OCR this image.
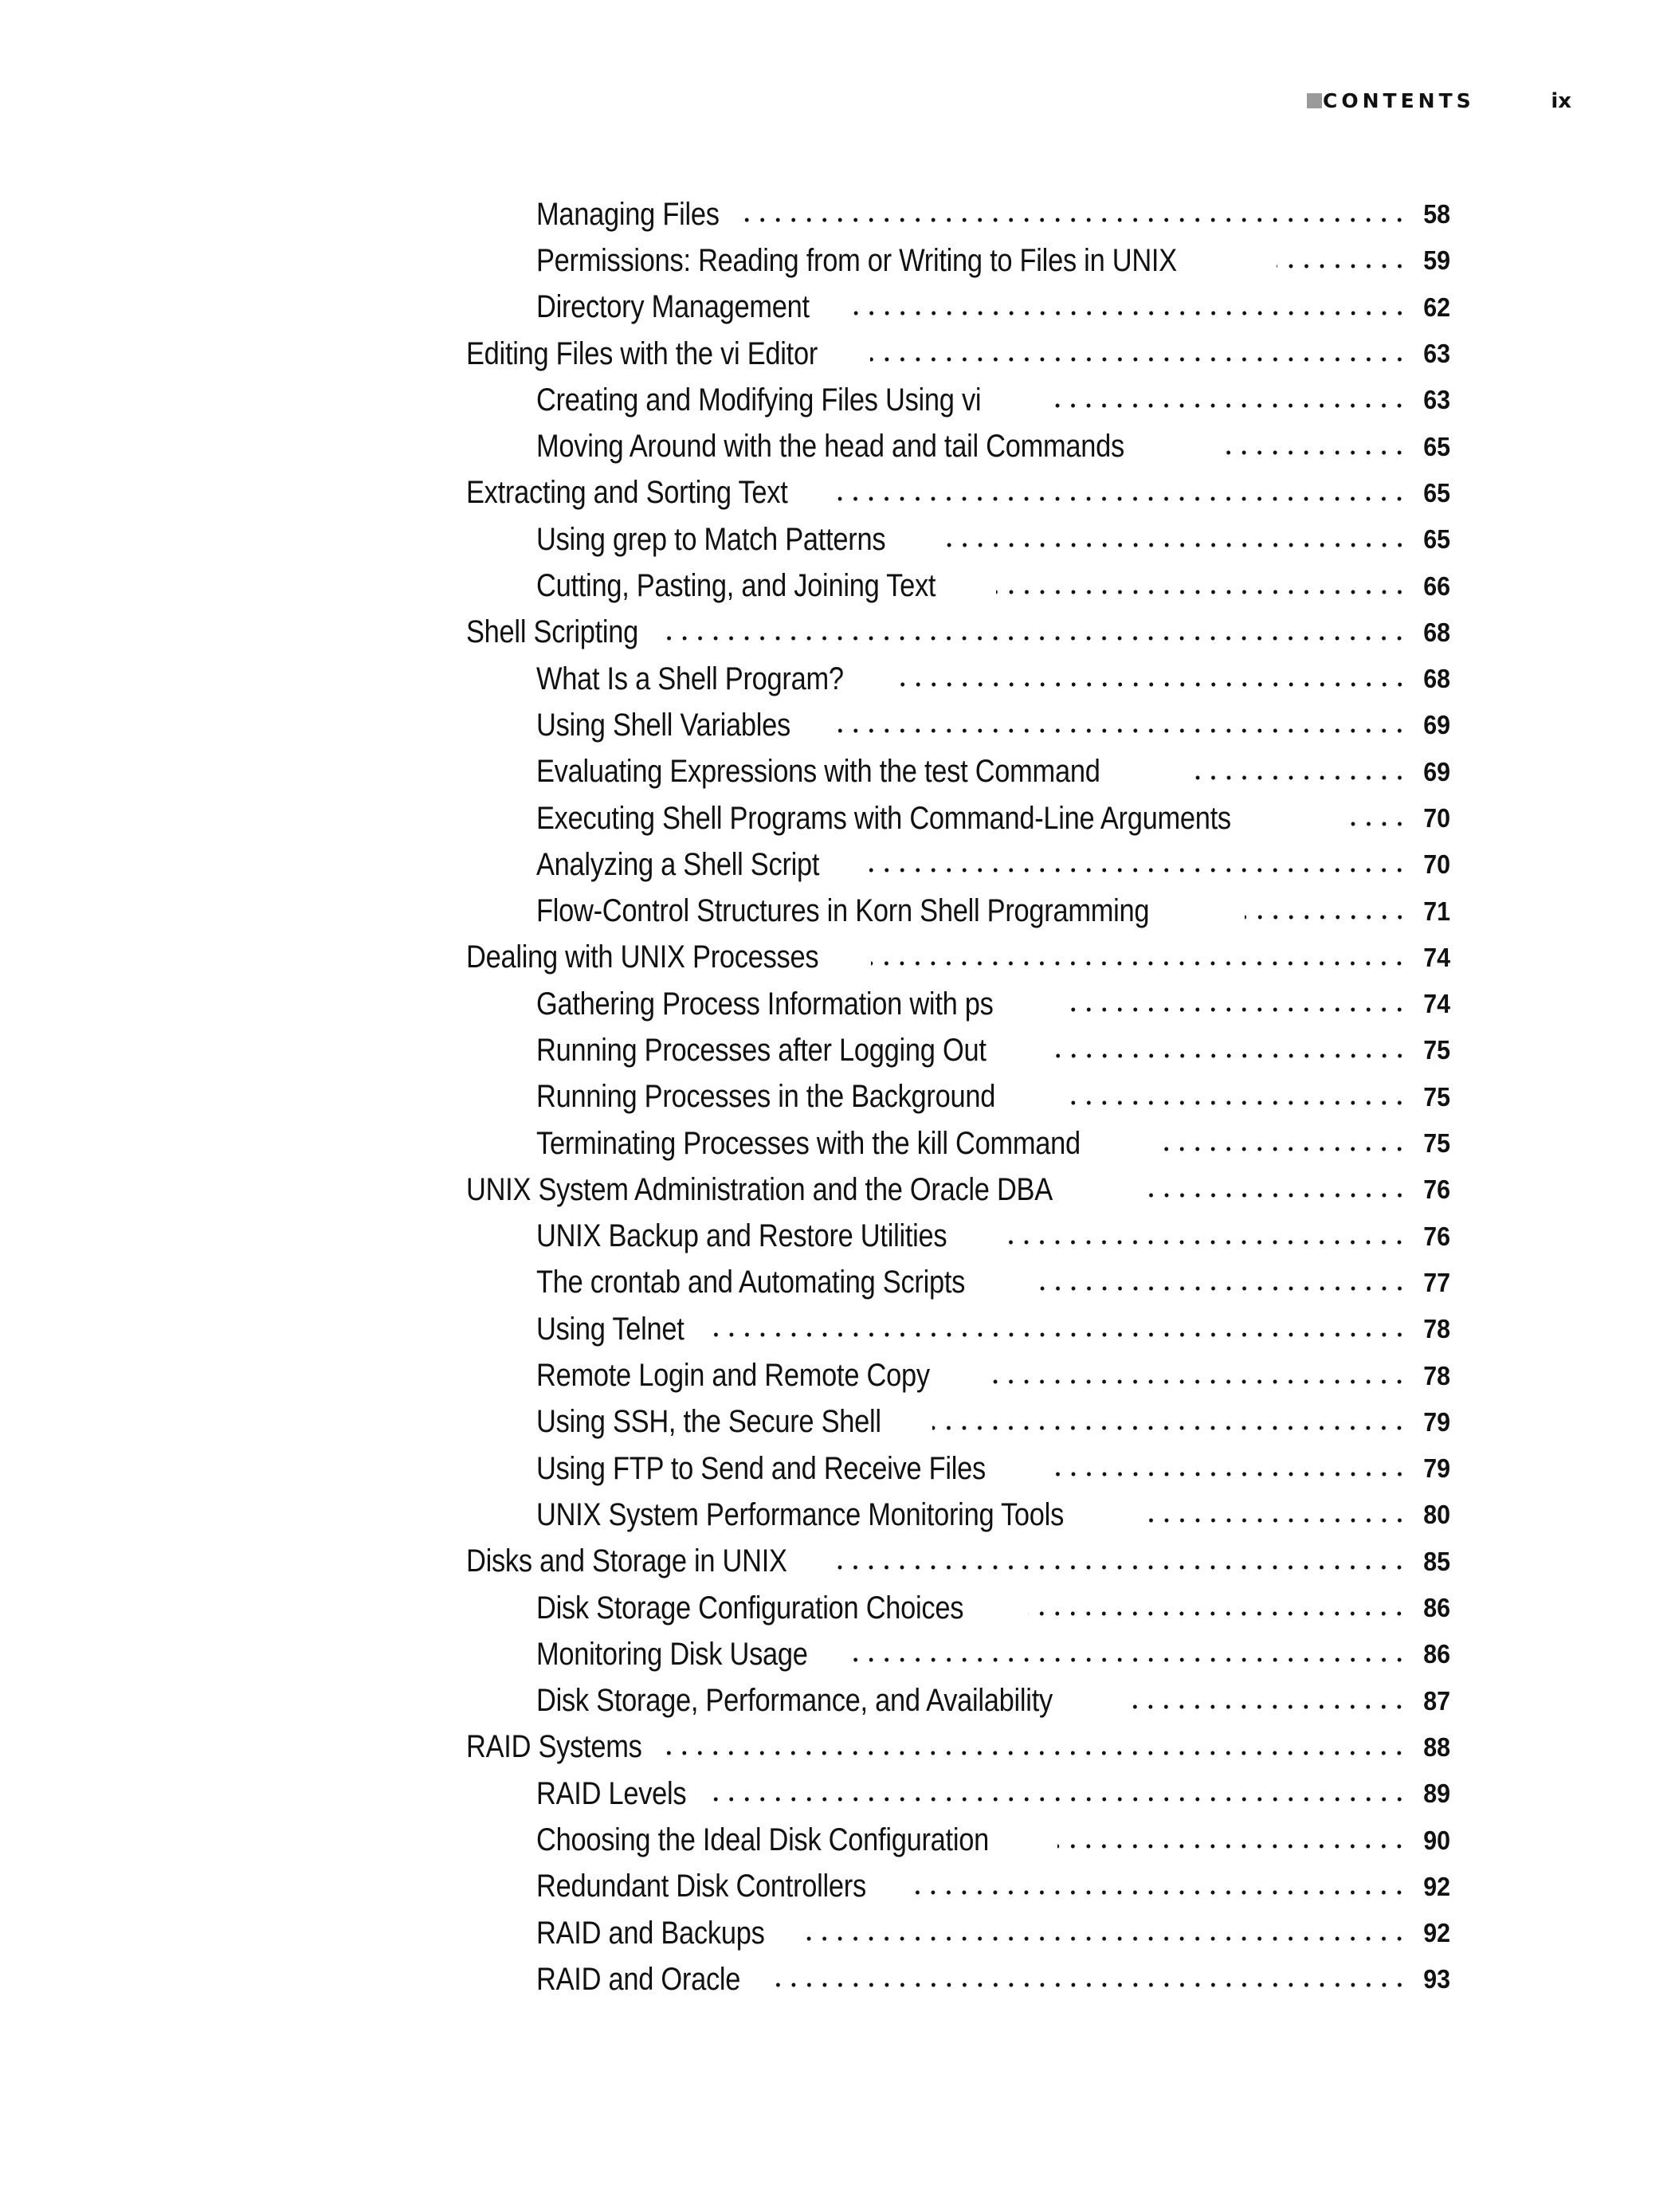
CONTENTS	ix
Managing Files	58
Permissions: Reading from or Writing to Files in UNIX	59
Directory Management	62
Editing Files with the vi Editor	63
Creating and Modifying Files Using vi	63
Moving Around with the head and tail Commands	65
Extracting and Sorting Text	65
Using grep to Match Patterns	65
Cutting, Pasting, and Joining Text	66
Shell Scripting	68
What Is a Shell Program?	68
Using Shell Variables	69
Evaluating Expressions with the test Command	69
Executing Shell Programs with Command-Line Arguments	70
Analyzing a Shell Script	70
Flow-Control Structures in Korn Shell Programming	71
Dealing with UNIX Processes	74
Gathering Process Information with ps	74
Running Processes after Logging Out	75
Running Processes in the Background	75
Terminating Processes with the kill Command	75
UNIX System Administration and the Oracle DBA	76
UNIX Backup and Restore Utilities	76
The crontab and Automating Scripts	77
Using Telnet	78
Remote Login and Remote Copy	78
Using SSH, the Secure Shell	79
Using FTP to Send and Receive Files	79
UNIX System Performance Monitoring Tools	80
Disks and Storage in UNIX	85
Disk Storage Configuration Choices	86
Monitoring Disk Usage	86
Disk Storage, Performance, and Availability	87
RAID Systems	88
RAID Levels	89
Choosing the Ideal Disk Configuration	90
Redundant Disk Controllers	92
RAID and Backups	92
RAID and Oracle	93
